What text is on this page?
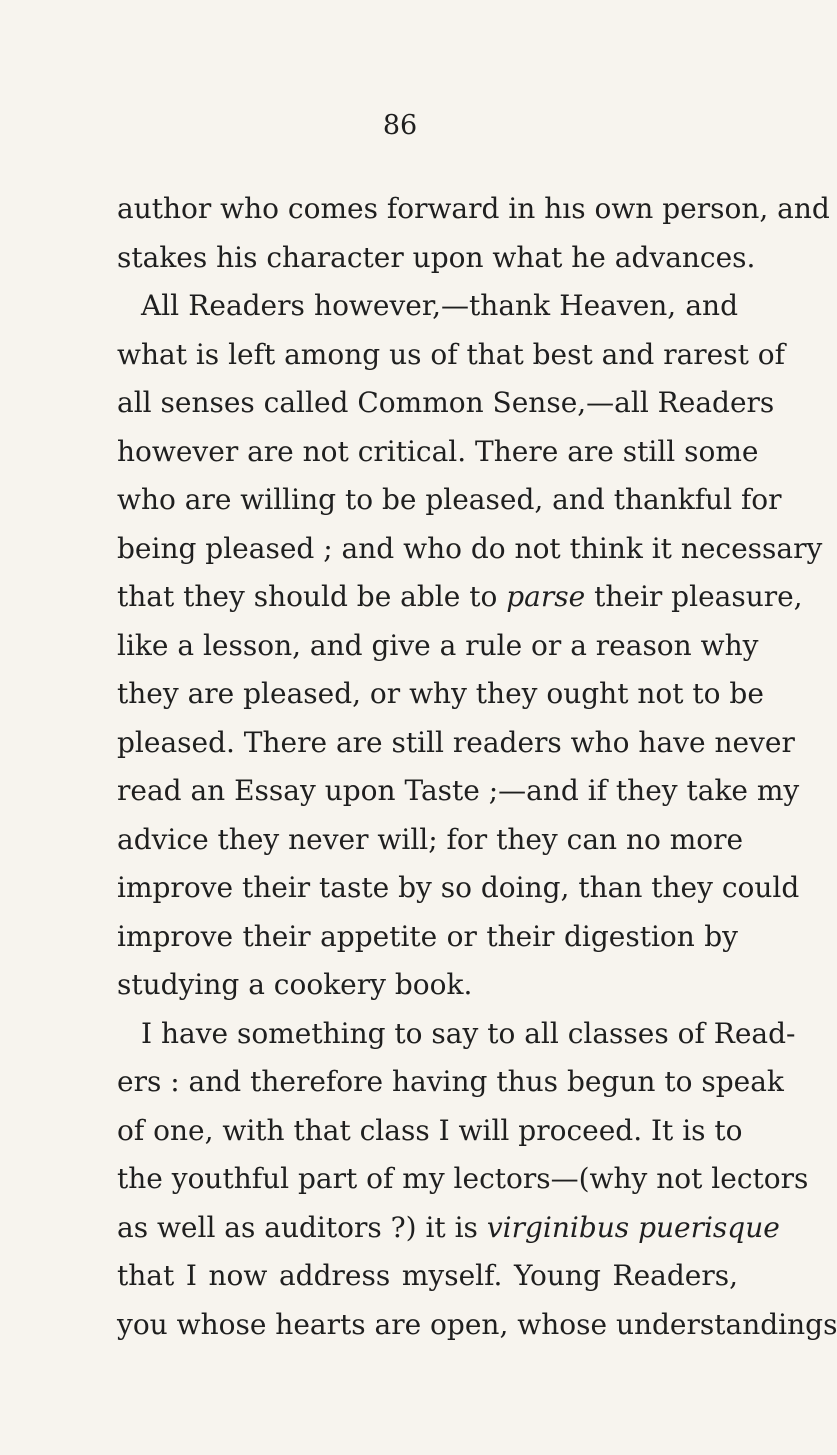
86
author who comes forward in hıs own person, and
stakes his character upon what he advances.
All Readers however,—thank Heaven, and
what is left among us of that best and rarest of
all senses called Common Sense,—all Readers
however are not critical. There are still some
who are willing to be pleased, and thankful for
being pleased ; and who do not think it necessary
that they should be able to parse their pleasure,
like a lesson, and give a rule or a reason why
they are pleased, or why they ought not to be
pleased. There are still readers who have never
read an Essay upon Taste ;—and if they take my
advice they never will; for they can no more
improve their taste by so doing, than they could
improve their appetite or their digestion by
studying a cookery book.
I have something to say to all classes of Read-
ers : and therefore having thus begun to speak
of one, with that class I will proceed. It is to
the youthful part of my lectors—(why not lectors
as well as auditors ?) it is virginibus puerisque
that I now address myself. Young Readers,
you whose hearts are open, whose understandings
